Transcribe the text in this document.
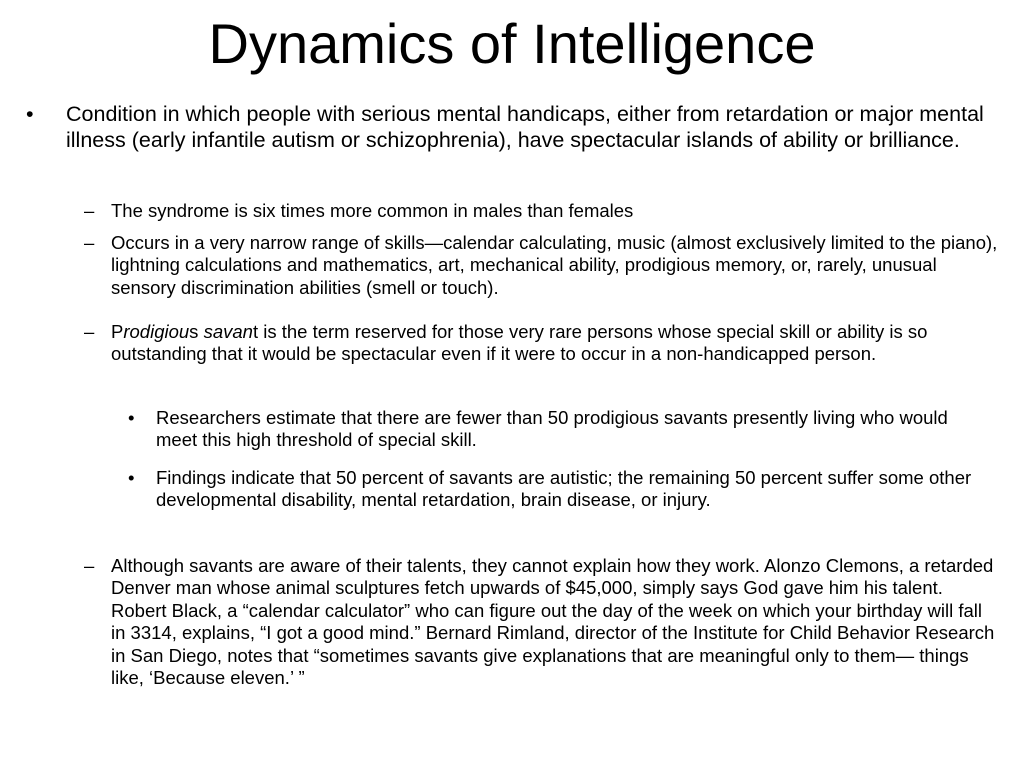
Dynamics of Intelligence
•	Condition in which people with serious mental handicaps, either from retardation or major mental illness (early infantile autism or schizophrenia), have spectacular islands of ability or brilliance.
– The syndrome is six times more common in males than females
– Occurs in a very narrow range of skills—calendar calculating, music (almost exclusively limited to the piano), lightning calculations and mathematics, art, mechanical ability, prodigious memory, or, rarely, unusual sensory discrimination abilities (smell or touch).
– Prodigious savant is the term reserved for those very rare persons whose special skill or ability is so outstanding that it would be spectacular even if it were to occur in a non-handicapped person.
•	Researchers estimate that there are fewer than 50 prodigious savants presently living who would meet this high threshold of special skill.
•	Findings indicate that 50 percent of savants are autistic; the remaining 50 percent suffer some other developmental disability, mental retardation, brain disease, or injury.
– Although savants are aware of their talents, they cannot explain how they work. Alonzo Clemons, a retarded Denver man whose animal sculptures fetch upwards of $45,000, simply says God gave him his talent. Robert Black, a “calendar calculator” who can figure out the day of the week on which your birthday will fall in 3314, explains, “I got a good mind.” Bernard Rimland, director of the Institute for Child Behavior Research in San Diego, notes that “sometimes savants give explanations that are meaningful only to them— things like, ‘Because eleven.’ ”
